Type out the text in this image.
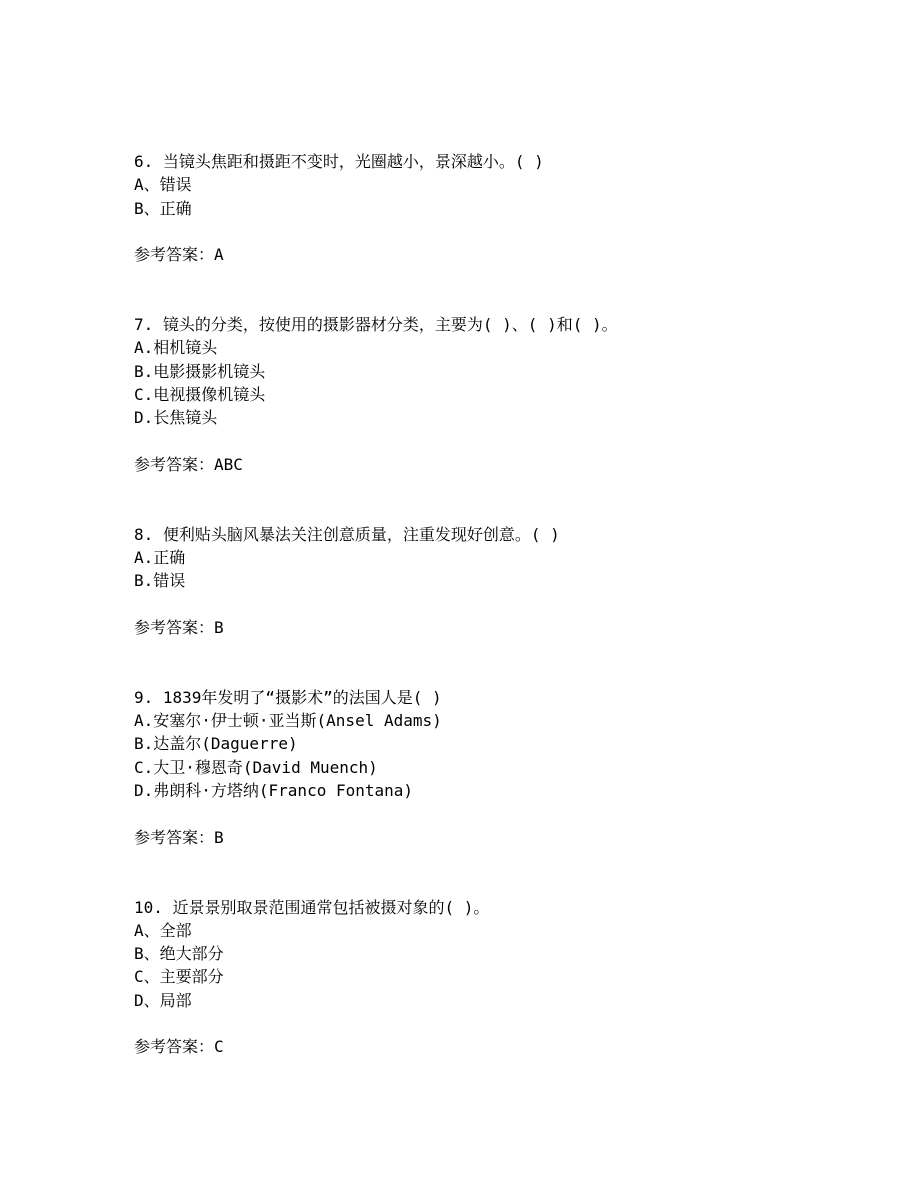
6. 当镜头焦距和摄距不变时，光圈越小，景深越小。( )
A、错误
B、正确
参考答案：A
7. 镜头的分类，按使用的摄影器材分类，主要为( )、( )和( )。
A.相机镜头
B.电影摄影机镜头
C.电视摄像机镜头
D.长焦镜头
参考答案：ABC
8. 便利贴头脑风暴法关注创意质量，注重发现好创意。( )
A.正确
B.错误
参考答案：B
9. 1839年发明了“摄影术”的法国人是( )
A.安塞尔·伊士顿·亚当斯(Ansel Adams)
B.达盖尔(Daguerre)
C.大卫·穆恩奇(David Muench)
D.弗朗科·方塔纳(Franco Fontana)
参考答案：B
10. 近景景别取景范围通常包括被摄对象的( )。
A、全部
B、绝大部分
C、主要部分
D、局部
参考答案：C
